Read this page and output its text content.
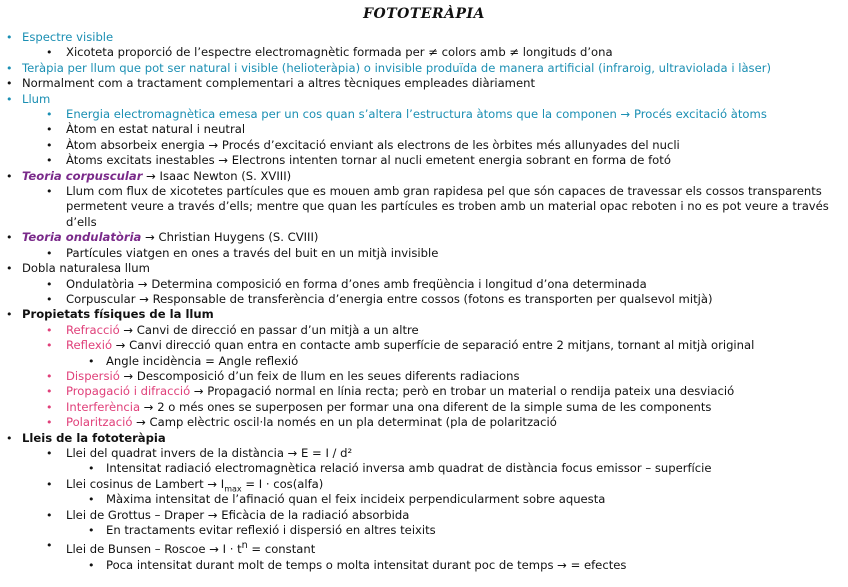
FOTOTERÀPIA
• Espectre visible
• Xicoteta proporció de l’espectre electromagnètic formada per ≠ colors amb ≠ longituds d’ona
• Teràpia per llum que pot ser natural i visible (helioteràpia) o invisible produïda de manera artificial (infraroig, ultraviolada i làser)
• Normalment com a tractament complementari a altres tècniques empleades diàriament
• Llum
• Energia electromagnètica emesa per un cos quan s’altera l’estructura àtoms que la componen → Procés excitació àtoms
• Àtom en estat natural i neutral
• Àtom absorbeix energia → Procés d’excitació enviant als electrons de les òrbites més allunyades del nucli
• Àtoms excitats inestables → Electrons intenten tornar al nucli emetent energia sobrant en forma de fotó
• Teoria corpuscular → Isaac Newton (S. XVIII)
• Llum com flux de xicotetes partícules que es mouen amb gran rapidesa pel que són capaces de travessar els cossos transparents permetent veure a través d’ells; mentre que quan les partícules es troben amb un material opac reboten i no es pot veure a través d’ells
• Teoria ondulatòria → Christian Huygens (S. CVIII)
• Partícules viatgen en ones a través del buit en un mitjà invisible
• Dobla naturalesa llum
• Ondulatòria → Determina composició en forma d’ones amb freqüència i longitud d’ona determinada
• Corpuscular → Responsable de transferència d’energia entre cossos (fotons es transporten per qualsevol mitjà)
• Propietats físiques de la llum
• Refracció → Canvi de direcció en passar d’un mitjà a un altre
• Reflexió → Canvi direcció quan entra en contacte amb superfície de separació entre 2 mitjans, tornant al mitjà original
• Angle incidència = Angle reflexió
• Dispersió → Descomposició d’un feix de llum en les seues diferents radiacions
• Propagació i difracció → Propagació normal en línia recta; però en trobar un material o rendija pateix una desviació
• Interferència → 2 o més ones se superposen per formar una ona diferent de la simple suma de les components
• Polarització → Camp elèctric oscil·la només en un pla determinat (pla de polarització
• Lleis de la fototeràpia
• Llei del quadrat invers de la distància → E = I / d²
• Intensitat radiació electromagnètica relació inversa amb quadrat de distància focus emissor – superfície
• Llei cosinus de Lambert → $I_{max} = I$ · cos(alfa)
• Màxima intensitat de l’afinació quan el feix incideix perpendicularment sobre aquesta
• Llei de Grottus – Draper → Eficàcia de la radiació absorbida
• En tractaments evitar reflexió i dispersió en altres teixits
• Llei de Bunsen – Roscoe → $I \cdot t^n$ = constant
• Poca intensitat durant molt de temps o molta intensitat durant poc de temps → = efectes
